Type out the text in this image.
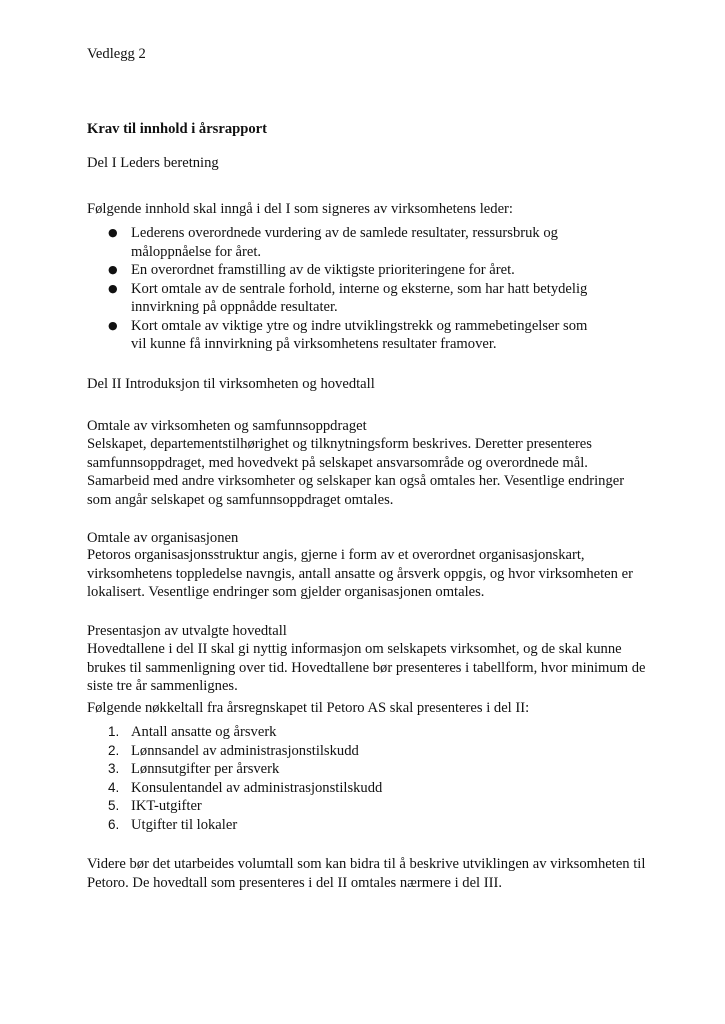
Vedlegg 2

Krav til innhold i årsrapport

Del I Leders beretning

Følgende innhold skal inngå i del I som signeres av virksomhetens leder:

● Lederens overordnede vurdering av de samlede resultater, ressursbruk og måloppnåelse for året.
● En overordnet framstilling av de viktigste prioriteringene for året.
● Kort omtale av de sentrale forhold, interne og eksterne, som har hatt betydelig innvirkning på oppnådde resultater.
● Kort omtale av viktige ytre og indre utviklingstrekk og rammebetingelser som vil kunne få innvirkning på virksomhetens resultater framover.

Del II Introduksjon til virksomheten og hovedtall

Omtale av virksomheten og samfunnsoppdraget

Selskapet, departementstilhørighet og tilknytningsform beskrives. Deretter presenteres samfunnsoppdraget, med hovedvekt på selskapet ansvarsområde og overordnede mål. Samarbeid med andre virksomheter og selskaper kan også omtales her. Vesentlige endringer som angår selskapet og samfunnsoppdraget omtales.

Omtale av organisasjonen

Petoros organisasjonsstruktur angis, gjerne i form av et overordnet organisasjonskart, virksomhetens toppledelse navngis, antall ansatte og årsverk oppgis, og hvor virksomheten er lokalisert. Vesentlige endringer som gjelder organisasjonen omtales.

Presentasjon av utvalgte hovedtall

Hovedtallene i del II skal gi nyttig informasjon om selskapets virksomhet, og de skal kunne brukes til sammenligning over tid. Hovedtallene bør presenteres i tabellform, hvor minimum de siste tre år sammenlignes.

Følgende nøkkeltall fra årsregnskapet til Petoro AS skal presenteres i del II:

1. Antall ansatte og årsverk
2. Lønnsandel av administrasjonstilskudd
3. Lønnsutgifter per årsverk
4. Konsulentandel av administrasjonstilskudd
5. IKT-utgifter
6. Utgifter til lokaler

Videre bør det utarbeides volumtall som kan bidra til å beskrive utviklingen av virksomheten til Petoro. De hovedtall som presenteres i del II omtales nærmere i del III.
